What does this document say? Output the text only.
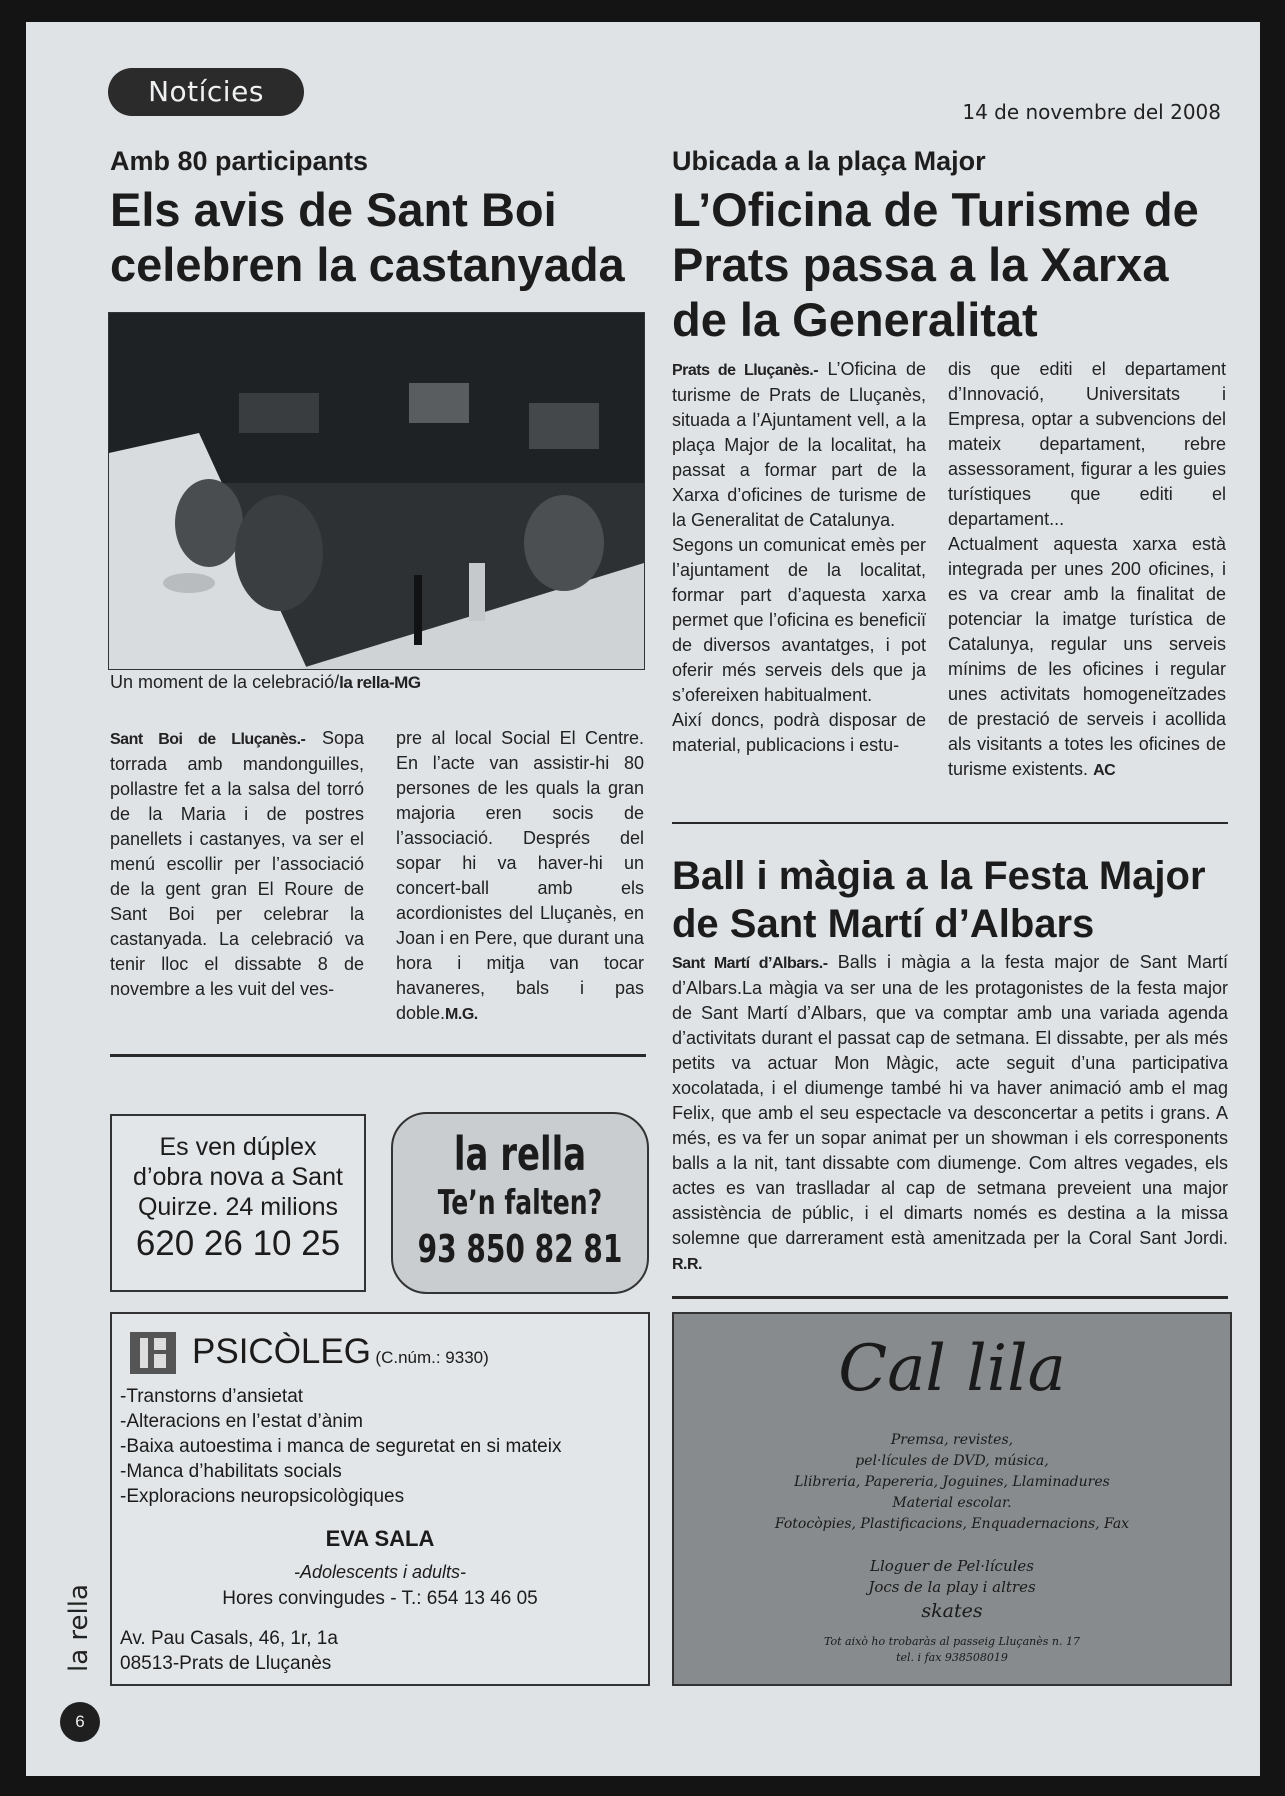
Notícies
14 de novembre del 2008
Amb 80 participants
Els avis de Sant Boi celebren la castanyada
Un moment de la celebració/la rella-MG
Sant Boi de Lluçanès.- Sopa torrada amb mandonguilles, pollastre fet a la salsa del torró de la Maria i de postres panellets i castanyes, va ser el menú escollir per l’associació de la gent gran El Roure de Sant Boi per celebrar la castanyada. La celebració va tenir lloc el dissabte 8 de novembre a les vuit del ves-
pre al local Social El Centre. En l’acte van assistir-hi 80 persones de les quals la gran majoria eren socis de l’associació. Després del sopar hi va haver-hi un concert-ball amb els acordionistes del Lluçanès, en Joan i en Pere, que durant una hora i mitja van tocar havaneres, bals i pas doble.M.G.
Ubicada a la plaça Major
L’Oficina de Turisme de Prats passa a la Xarxa de la Generalitat
Prats de Lluçanès.- L’Oficina de turisme de Prats de Lluçanès, situada a l’Ajuntament vell, a la plaça Major de la localitat, ha passat a formar part de la Xarxa d’oficines de turisme de la Generalitat de Catalunya.
Segons un comunicat emès per l’ajuntament de la localitat, formar part d’aquesta xarxa permet que l’oficina es beneficiï de diversos avantatges, i pot oferir més serveis dels que ja s’ofereixen habitualment.
Així doncs, podrà disposar de material, publicacions i estu-
dis que editi el departament d’Innovació, Universitats i Empresa, optar a subvencions del mateix departament, rebre assessorament, figurar a les guies turístiques que editi el departament...
Actualment aquesta xarxa està integrada per unes 200 oficines, i es va crear amb la finalitat de potenciar la imatge turística de Catalunya, regular uns serveis mínims de les oficines i regular unes activitats homogeneïtzades de prestació de serveis i acollida als visitants a totes les oficines de turisme existents. AC
Ball i màgia a la Festa Major de Sant Martí d’Albars
Sant Martí d’Albars.- Balls i màgia a la festa major de Sant Martí d’Albars.La màgia va ser una de les protagonistes de la festa major de Sant Martí d’Albars, que va comptar amb una variada agenda d’activitats durant el passat cap de setmana. El dissabte, per als més petits va actuar Mon Màgic, acte seguit d’una participativa xocolatada, i el diumenge també hi va haver animació amb el mag Felix, que amb el seu espectacle va desconcertar a petits i grans. A més, es va fer un sopar animat per un showman i els corresponents balls a la nit, tant dissabte com diumenge. Com altres vegades, els actes es van traslladar al cap de setmana preveient una major assistència de públic, i el dimarts només es destina a la missa solemne que darrerament està amenitzada per la Coral Sant Jordi. R.R.
Es ven dúplex
d’obra nova a Sant
Quirze. 24 milions
620 26 10 25
la rella
Te’n falten?
93 850 82 81
PSICÒLEG (C.núm.: 9330)
-Transtorns d’ansietat
-Alteracions en l’estat d’ànim
-Baixa autoestima i manca de seguretat en si mateix
-Manca d’habilitats socials
-Exploracions neuropsicològiques
EVA SALA
-Adolescents i adults-
Hores convingudes - T.: 654 13 46 05
Av. Pau Casals, 46, 1r, 1a
08513-Prats de Lluçanès
Cal lila
Premsa, revistes,
pel·lícules de DVD, música,
Llibreria, Papereria, Joguines, Llaminadures
Material escolar.
Fotocòpies, Plastificacions, Enquadernacions, Fax
Lloguer de Pel·lícules
Jocs de la play i altres
skates
Tot això ho trobaràs al passeig Lluçanès n. 17
tel. i fax 938508019
la rella
6
